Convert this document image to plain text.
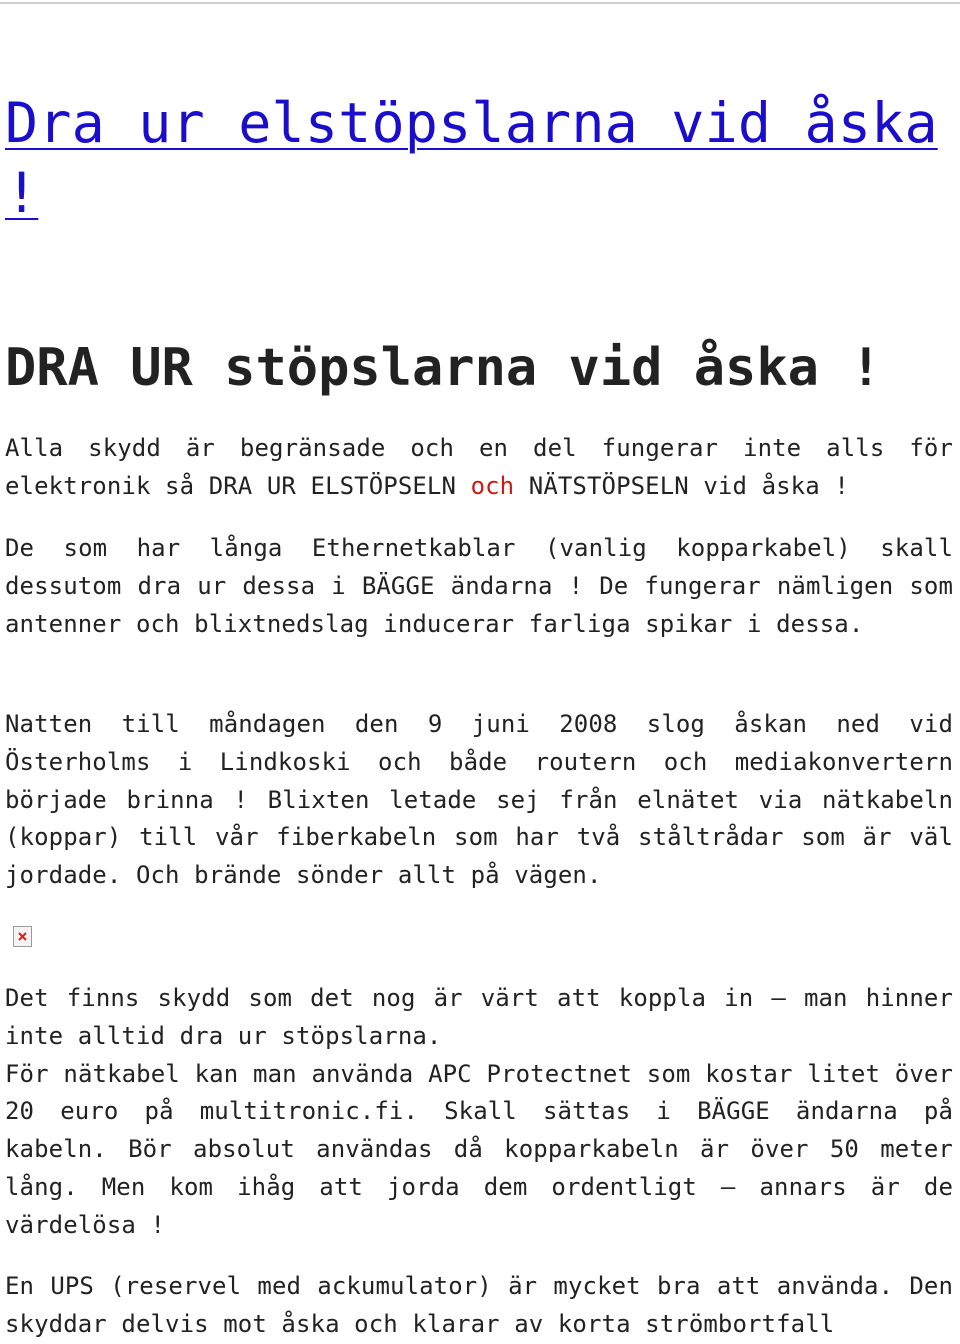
Dra ur elstöpslarna vid åska !
DRA UR stöpslarna vid åska !

Alla skydd är begränsade och en del fungerar inte alls för elektronik så DRA UR ELSTÖPSELN och NÄTSTÖPSELN vid åska !

De som har långa Ethernetkablar (vanlig kopparkabel) skall dessutom dra ur dessa i BÄGGE ändarna ! De fungerar nämligen som antenner och blixtnedslag inducerar farliga spikar i dessa.

Natten till måndagen den 9 juni 2008 slog åskan ned vid Österholms i Lindkoski och både routern och mediakonvertern började brinna ! Blixten letade sej från elnätet via nätkabeln (koppar) till vår fiberkabeln som har två ståltrådar som är väl jordade. Och brände sönder allt på vägen.

Det finns skydd som det nog är värt att koppla in – man hinner inte alltid dra ur stöpslarna.

För nätkabel kan man använda APC Protectnet som kostar litet över 20 euro på multitronic.fi. Skall sättas i BÄGGE ändarna på kabeln. Bör absolut användas då kopparkabeln är över 50 meter lång. Men kom ihåg att jorda dem ordentligt – annars är de värdelösa !

En UPS (reservel med ackumulator) är mycket bra att använda. Den skyddar delvis mot åska och klarar av korta strömbortfall
